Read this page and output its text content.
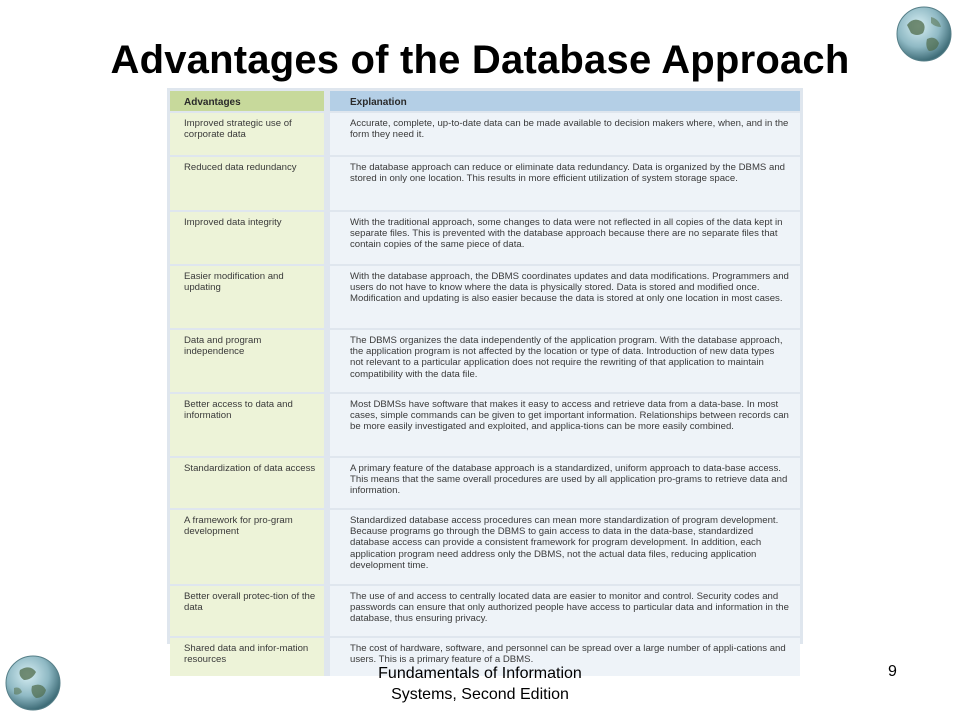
Advantages of the Database Approach
Advantages	Explanation
Improved strategic use of corporate data	Accurate, complete, up-to-date data can be made available to decision makers where, when, and in the form they need it.
Reduced data redundancy	The database approach can reduce or eliminate data redundancy. Data is organized by the DBMS and stored in only one location. This results in more efficient utilization of system storage space.
Improved data integrity	With the traditional approach, some changes to data were not reflected in all copies of the data kept in separate files. This is prevented with the database approach because there are no separate files that contain copies of the same piece of data.
Easier modification and updating	With the database approach, the DBMS coordinates updates and data modifications. Programmers and users do not have to know where the data is physically stored. Data is stored and modified once. Modification and updating is also easier because the data is stored at only one location in most cases.
Data and program independence	The DBMS organizes the data independently of the application program. With the database approach, the application program is not affected by the location or type of data. Introduction of new data types not relevant to a particular application does not require the rewriting of that application to maintain compatibility with the data file.
Better access to data and information	Most DBMSs have software that makes it easy to access and retrieve data from a data-base. In most cases, simple commands can be given to get important information. Relationships between records can be more easily investigated and exploited, and applica-tions can be more easily combined.
Standardization of data access	A primary feature of the database approach is a standardized, uniform approach to data-base access. This means that the same overall procedures are used by all application pro-grams to retrieve data and information.
A framework for pro-gram development	Standardized database access procedures can mean more standardization of program development. Because programs go through the DBMS to gain access to data in the data-base, standardized database access can provide a consistent framework for program development. In addition, each application program need address only the DBMS, not the actual data files, reducing application development time.
Better overall protec-tion of the data	The use of and access to centrally located data are easier to monitor and control. Security codes and passwords can ensure that only authorized people have access to particular data and information in the database, thus ensuring privacy.
Shared data and infor-mation resources	The cost of hardware, software, and personnel can be spread over a large number of appli-cations and users. This is a primary feature of a DBMS.
Fundamentals of Information
Systems, Second Edition
9
